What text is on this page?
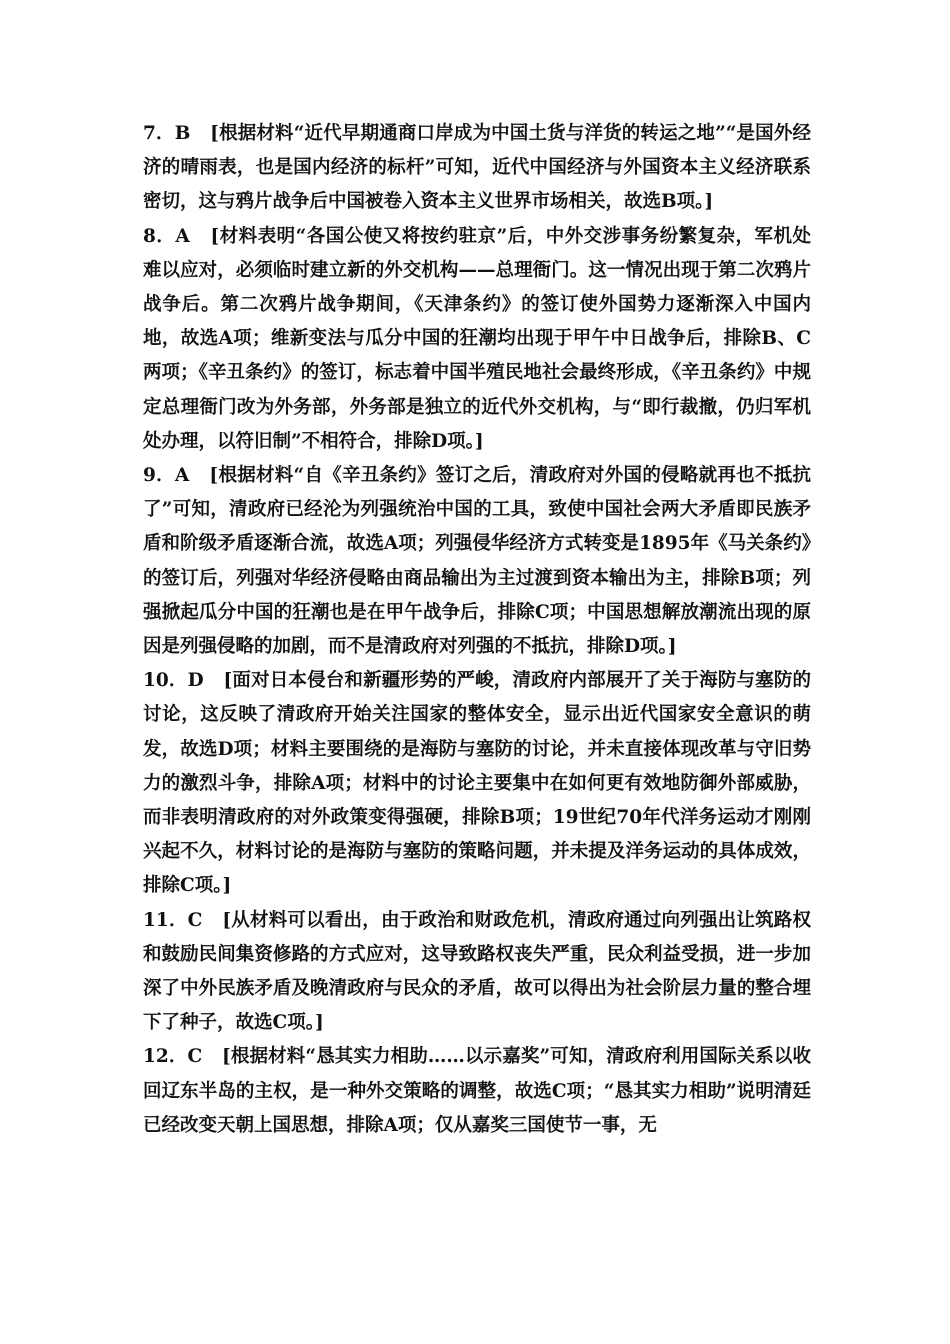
7．B [根据材料“近代早期通商口岸成为中国土货与洋货的转运之地”“是国外经济的晴雨表，也是国内经济的标杆”可知，近代中国经济与外国资本主义经济联系密切，这与鸦片战争后中国被卷入资本主义世界市场相关，故选B项。]

8．A [材料表明“各国公使又将按约驻京”后，中外交涉事务纷繁复杂，军机处难以应对，必须临时建立新的外交机构——总理衙门。这一情况出现于第二次鸦片战争后。第二次鸦片战争期间，《天津条约》的签订使外国势力逐渐深入中国内地，故选A项；维新变法与瓜分中国的狂潮均出现于甲午中日战争后，排除B、C两项；《辛丑条约》的签订，标志着中国半殖民地社会最终形成，《辛丑条约》中规定总理衙门改为外务部，外务部是独立的近代外交机构，与“即行裁撤，仍归军机处办理，以符旧制”不相符合，排除D项。]

9．A [根据材料“自《辛丑条约》签订之后，清政府对外国的侵略就再也不抵抗了”可知，清政府已经沦为列强统治中国的工具，致使中国社会两大矛盾即民族矛盾和阶级矛盾逐渐合流，故选A项；列强侵华经济方式转变是1895年《马关条约》的签订后，列强对华经济侵略由商品输出为主过渡到资本输出为主，排除B项；列强掀起瓜分中国的狂潮也是在甲午战争后，排除C项；中国思想解放潮流出现的原因是列强侵略的加剧，而不是清政府对列强的不抵抗，排除D项。]

10．D [面对日本侵台和新疆形势的严峻，清政府内部展开了关于海防与塞防的讨论，这反映了清政府开始关注国家的整体安全，显示出近代国家安全意识的萌发，故选D项；材料主要围绕的是海防与塞防的讨论，并未直接体现改革与守旧势力的激烈斗争，排除A项；材料中的讨论主要集中在如何更有效地防御外部威胁，而非表明清政府的对外政策变得强硬，排除B项；19世纪70年代洋务运动才刚刚兴起不久，材料讨论的是海防与塞防的策略问题，并未提及洋务运动的具体成效，排除C项。]

11．C [从材料可以看出，由于政治和财政危机，清政府通过向列强出让筑路权和鼓励民间集资修路的方式应对，这导致路权丧失严重，民众利益受损，进一步加深了中外民族矛盾及晚清政府与民众的矛盾，故可以得出为社会阶层力量的整合埋下了种子，故选C项。]

12．C [根据材料“恳其实力相助……以示嘉奖”可知，清政府利用国际关系以收回辽东半岛的主权，是一种外交策略的调整，故选C项；“恳其实力相助”说明清廷已经改变天朝上国思想，排除A项；仅从嘉奖三国使节一事，无
